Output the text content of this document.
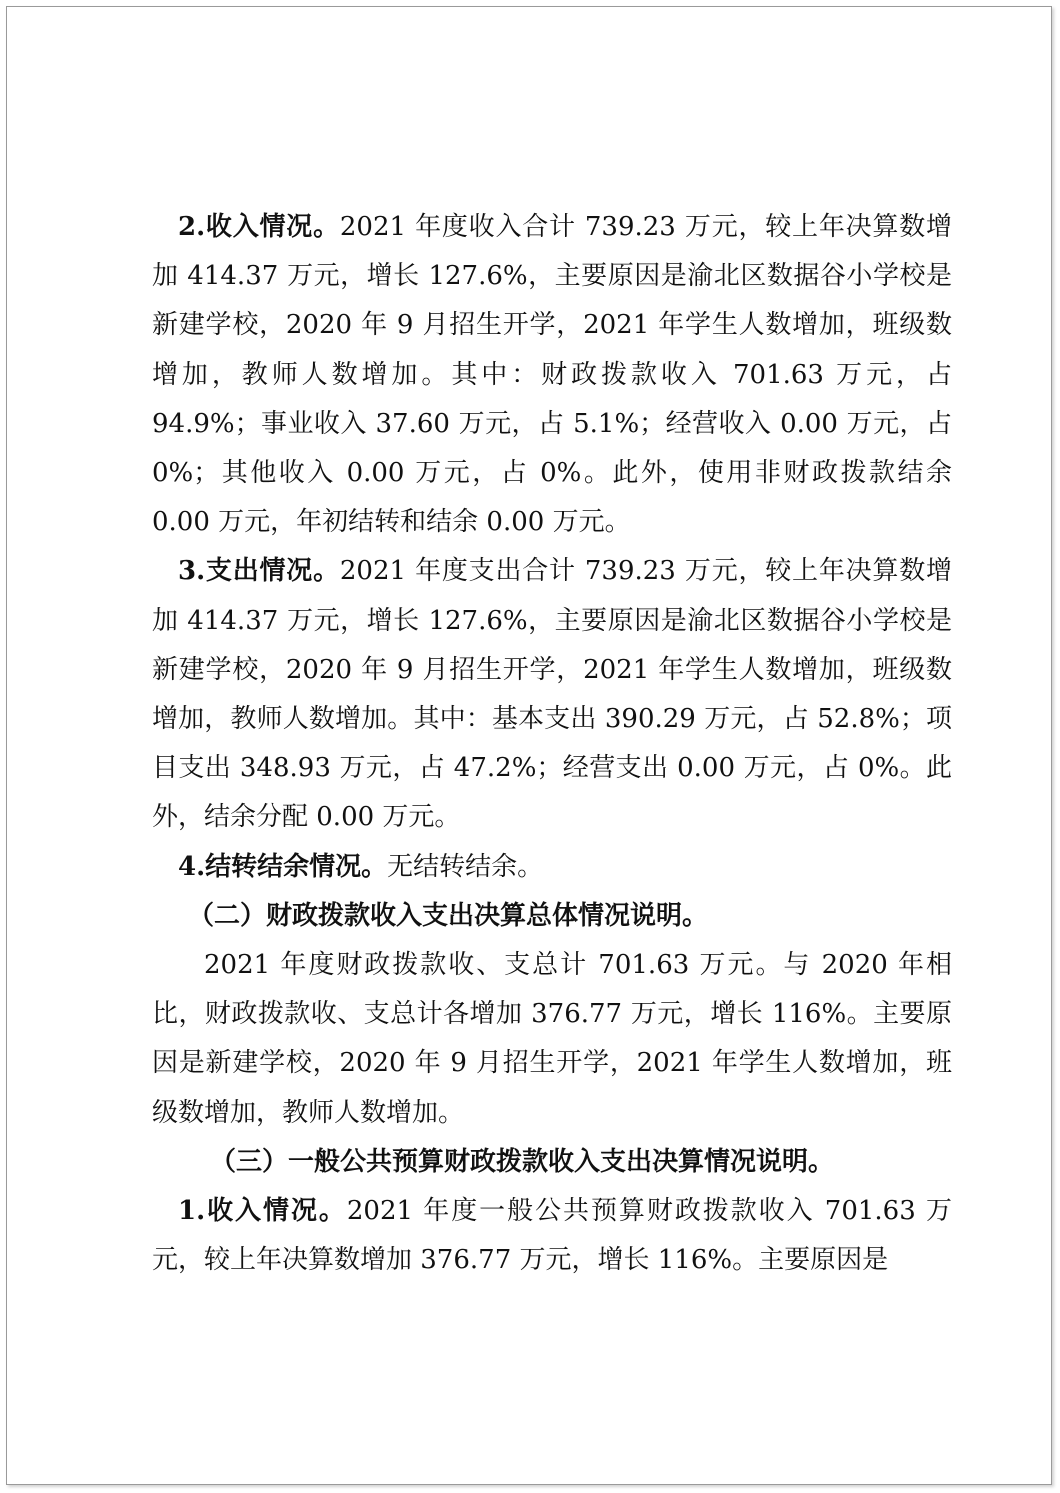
2.收入情况。2021 年度收入合计 739.23 万元，较上年决算数增加 414.37 万元，增长 127.6%，主要原因是渝北区数据谷小学校是新建学校，2020 年 9 月招生开学，2021 年学生人数增加，班级数增加，教师人数增加。其中：财政拨款收入 701.63 万元，占 94.9%；事业收入 37.60 万元，占 5.1%；经营收入 0.00 万元，占 0%；其他收入 0.00 万元，占 0%。此外，使用非财政拨款结余 0.00 万元，年初结转和结余 0.00 万元。

3.支出情况。2021 年度支出合计 739.23 万元，较上年决算数增加 414.37 万元，增长 127.6%，主要原因是渝北区数据谷小学校是新建学校，2020 年 9 月招生开学，2021 年学生人数增加，班级数增加，教师人数增加。其中：基本支出 390.29 万元，占 52.8%；项目支出 348.93 万元，占 47.2%；经营支出 0.00 万元，占 0%。此外，结余分配 0.00 万元。

4.结转结余情况。无结转结余。

（二）财政拨款收入支出决算总体情况说明。

2021 年度财政拨款收、支总计 701.63 万元。与 2020 年相比，财政拨款收、支总计各增加 376.77 万元，增长 116%。主要原因是新建学校，2020 年 9 月招生开学，2021 年学生人数增加，班级数增加，教师人数增加。

（三）一般公共预算财政拨款收入支出决算情况说明。

1.收入情况。2021 年度一般公共预算财政拨款收入 701.63 万元，较上年决算数增加 376.77 万元，增长 116%。主要原因是
